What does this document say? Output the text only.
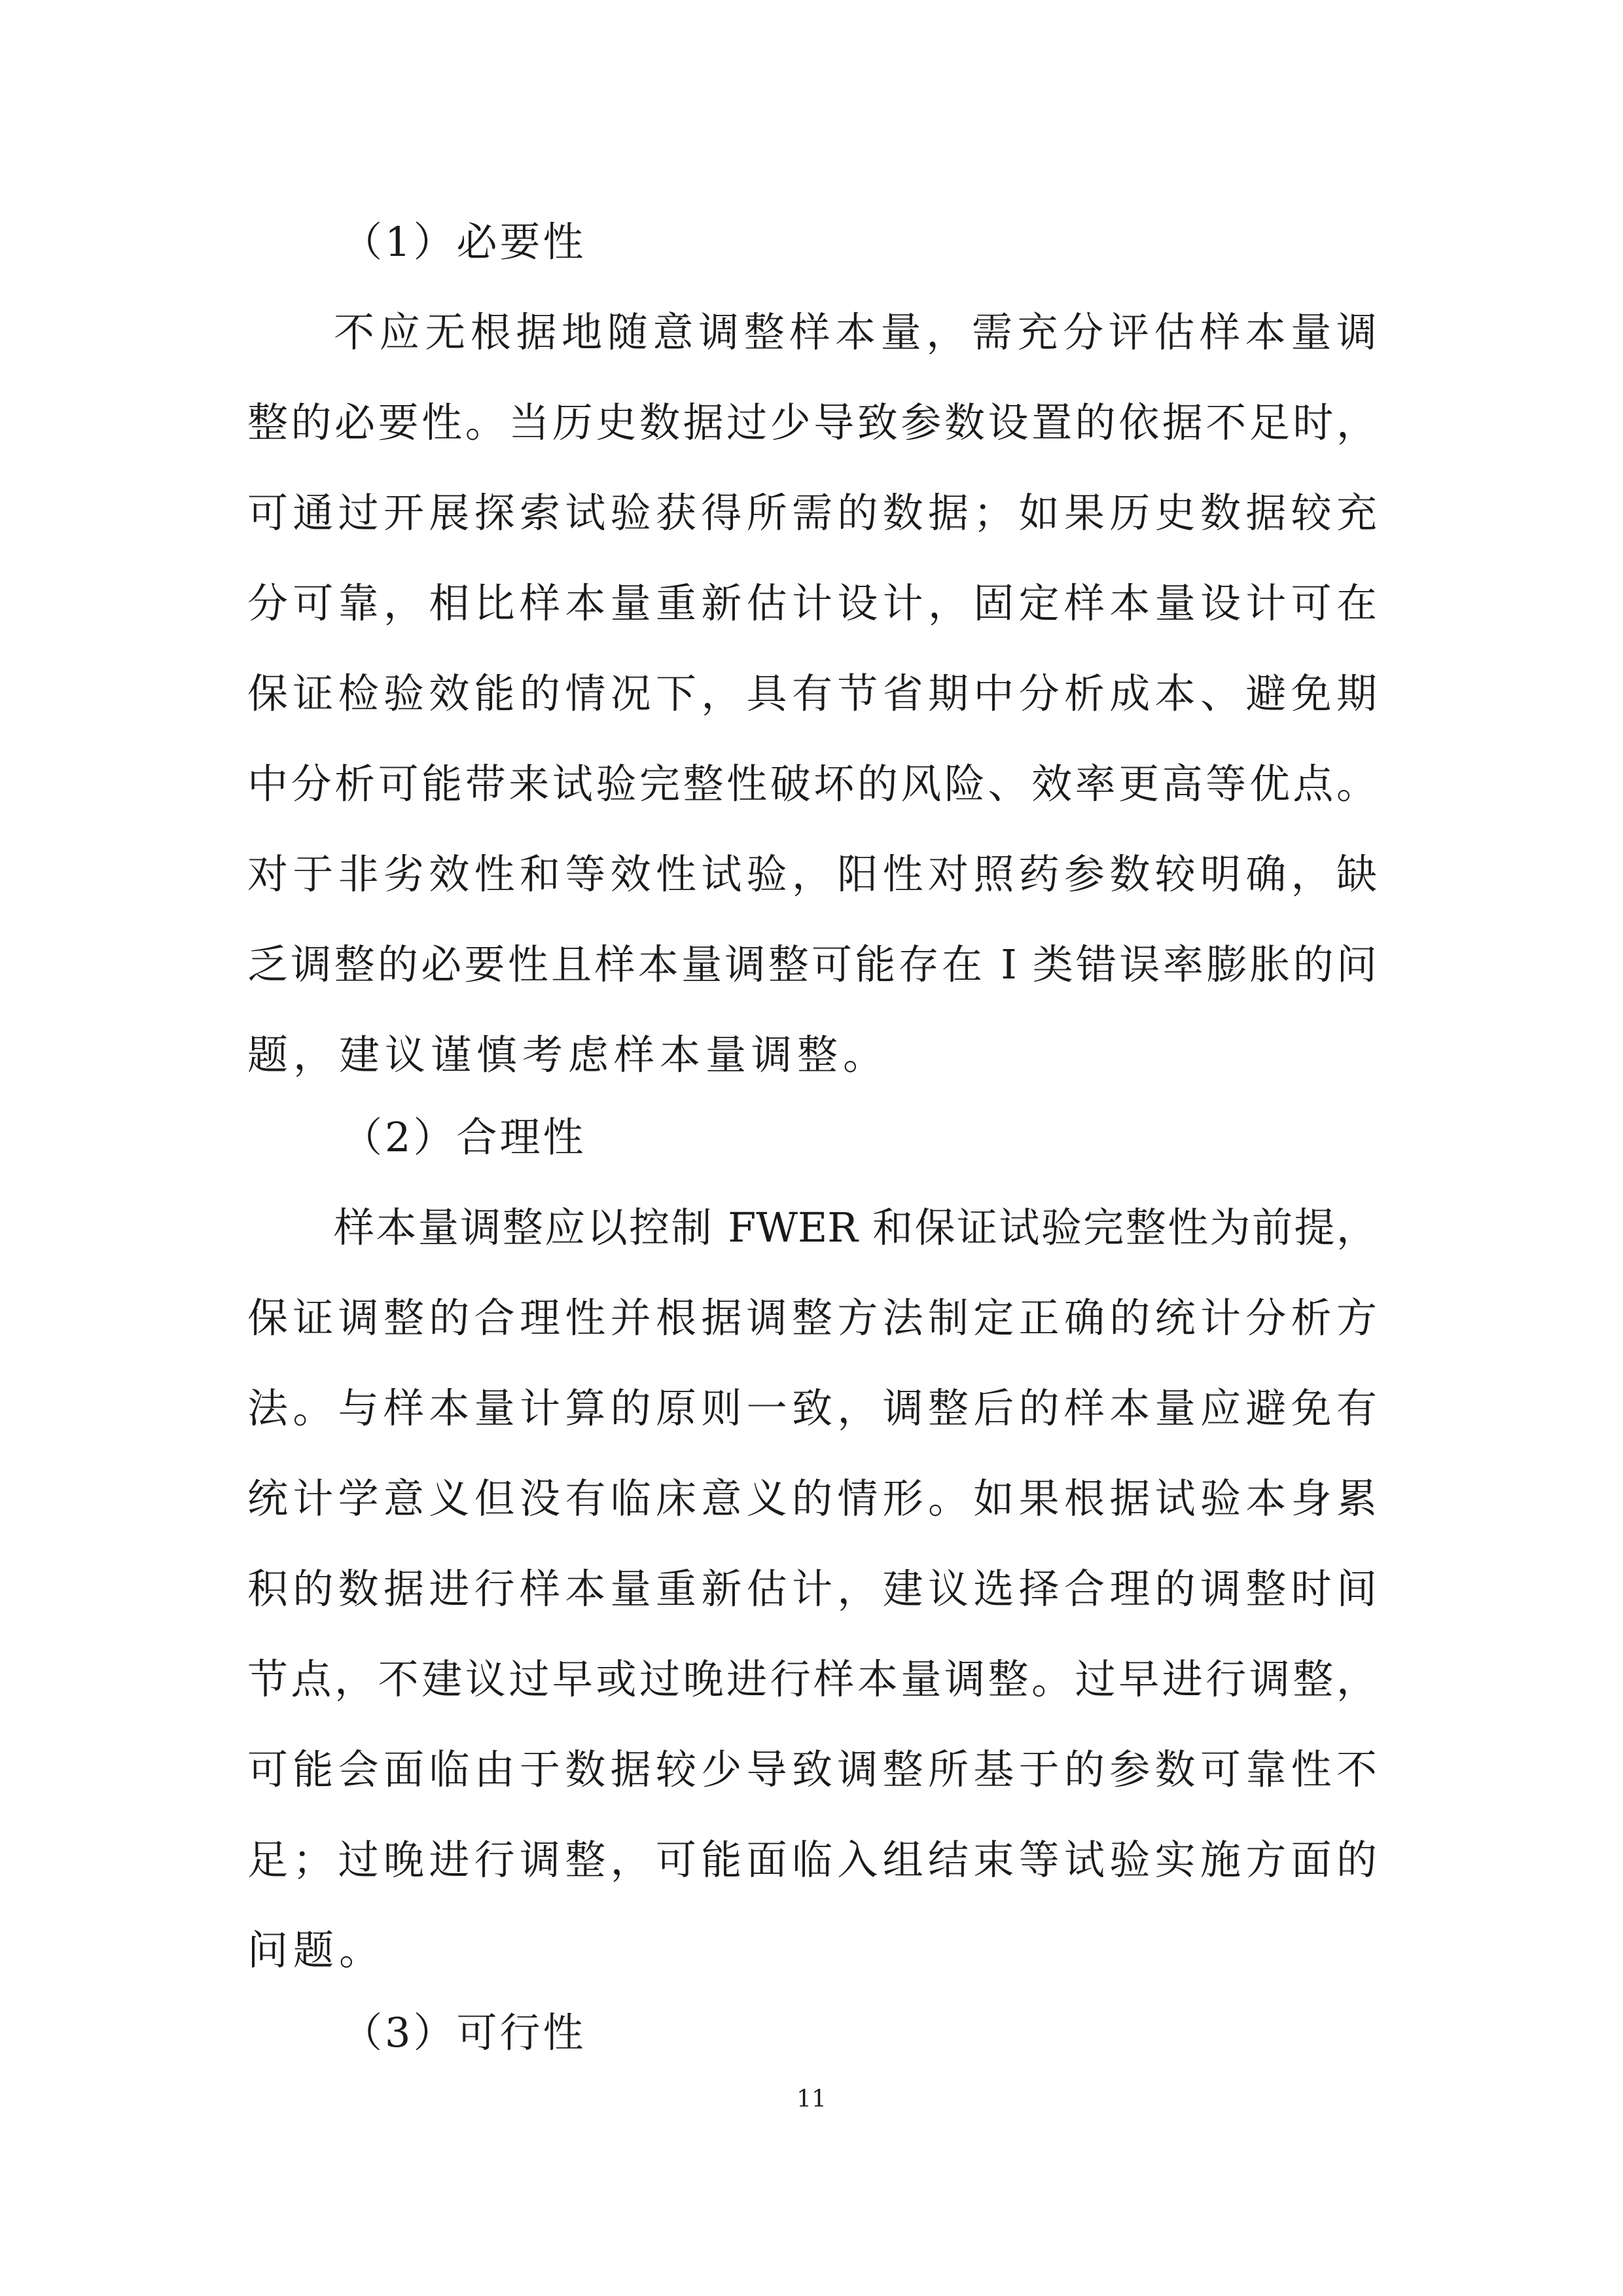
（1）必要性
不应无根据地随意调整样本量，需充分评估样本量调
整的必要性。当历史数据过少导致参数设置的依据不足时，
可通过开展探索试验获得所需的数据；如果历史数据较充
分可靠，相比样本量重新估计设计，固定样本量设计可在
保证检验效能的情况下，具有节省期中分析成本、避免期
中分析可能带来试验完整性破坏的风险、效率更高等优点。
对于非劣效性和等效性试验，阳性对照药参数较明确，缺
乏调整的必要性且样本量调整可能存在 I 类错误率膨胀的问
题，建议谨慎考虑样本量调整。
（2）合理性
样本量调整应以控制 FWER 和保证试验完整性为前提，
保证调整的合理性并根据调整方法制定正确的统计分析方
法。与样本量计算的原则一致，调整后的样本量应避免有
统计学意义但没有临床意义的情形。如果根据试验本身累
积的数据进行样本量重新估计，建议选择合理的调整时间
节点，不建议过早或过晚进行样本量调整。过早进行调整，
可能会面临由于数据较少导致调整所基于的参数可靠性不
足；过晚进行调整，可能面临入组结束等试验实施方面的
问题。
（3）可行性
11
